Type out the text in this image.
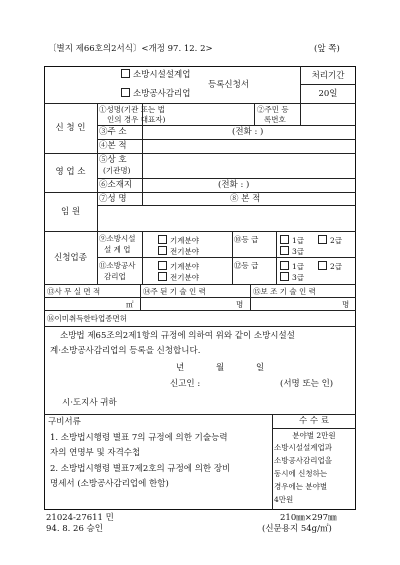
〔별지 제66호의2서식〕<개정 97. 12. 2>	(앞 쪽)
소방시설설계업
소방공사감리업
등록신청서
처리기간
20일
신 청 인
①성명(기관 또는 법
인의 경우 대표자)
②주민 등
록번호
③주 소	(전화 : )
④본 적
영 업 소
⑤상 호
(기관명)
⑥소재지	(전화 : )
임 원
⑦성 명	⑧ 본 적
신청업종
⑨소방시설
설 계 업
기계분야
전기분야
⑩등 급	1급	2급
3급
⑪소방공사
감리업
기계분야
전기분야
⑫등 급	1급	2급
3급
⑬사 무 실 면 적	⑭주 된 기 술 인 력	⑮보 조 기 술 인 력
㎡	명	명
⑯이미취득한타업종면허
소방법 제65조의2제1항의 규정에 의하여 위와 같이 소방시설설
계·소방공사감리업의 등록을 신청합니다.
년	월	일
신고인 :	(서명 또는 인)
시·도지사 귀하
구비서류
1. 소방법시행령 별표 7의 규정에 의한 기술능력
자의 연명부 및 자격수첩
2. 소방법시행령 별표7제2호의 규정에 의한 장비
명세서 (소방공사감리업에 한함)
수 수 료
분야별 2만원
소방시설설계업과
소방공사감리업을
동시에 신청하는
경우에는 분야별
4만원
21024-27611 민
94. 8. 26 승인
210㎜×297㎜
(신문용지 54g/㎡)
